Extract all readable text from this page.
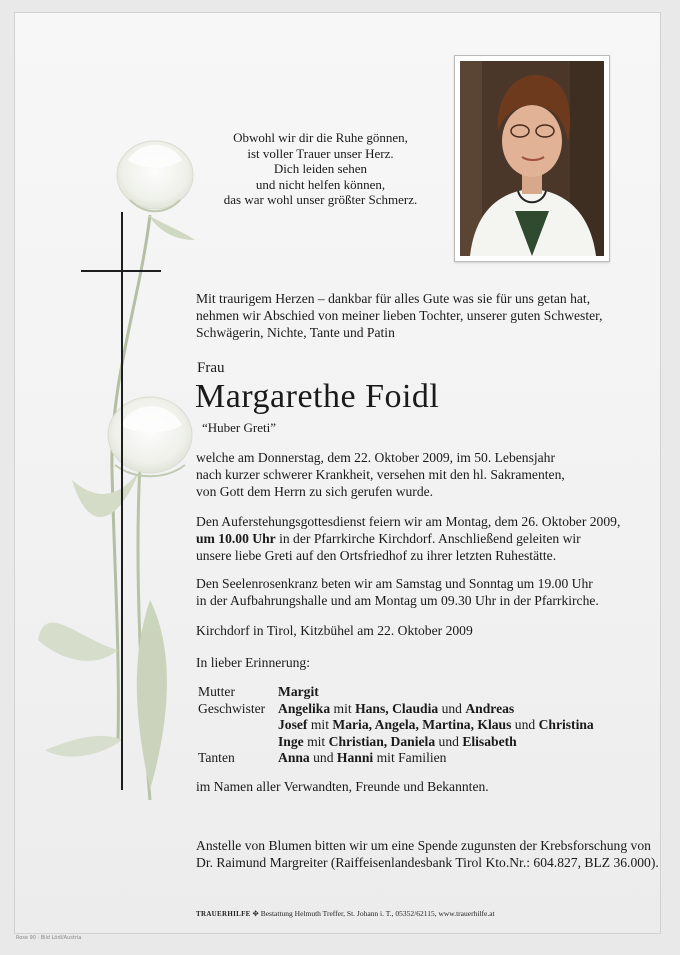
Obwohl wir dir die Ruhe gönnen,
ist voller Trauer unser Herz.
Dich leiden sehen
und nicht helfen können,
das war wohl unser größter Schmerz.
Mit traurigem Herzen – dankbar für alles Gute was sie für uns getan hat,
nehmen wir Abschied von meiner lieben Tochter, unserer guten Schwester,
Schwägerin, Nichte, Tante und Patin
Frau
Margarethe Foidl
“Huber Greti”
welche am Donnerstag, dem 22. Oktober 2009, im 50. Lebensjahr
nach kurzer schwerer Krankheit, versehen mit den hl. Sakramenten,
von Gott dem Herrn zu sich gerufen wurde.
Den Auferstehungsgottesdienst feiern wir am Montag, dem 26. Oktober 2009,
um 10.00 Uhr in der Pfarrkirche Kirchdorf. Anschließend geleiten wir
unsere liebe Greti auf den Ortsfriedhof zu ihrer letzten Ruhestätte.
Den Seelenrosenkranz beten wir am Samstag und Sonntag um 19.00 Uhr
in der Aufbahrungshalle und am Montag um 09.30 Uhr in der Pfarrkirche.
Kirchdorf in Tirol, Kitzbühel am 22. Oktober 2009
In lieber Erinnerung:
Mutter	Margit
Geschwister Angelika mit Hans, Claudia und Andreas
Josef mit Maria, Angela, Martina, Klaus und Christina
Inge mit Christian, Daniela und Elisabeth
Tanten	Anna und Hanni mit Familien
im Namen aller Verwandten, Freunde und Bekannten.
Anstelle von Blumen bitten wir um eine Spende zugunsten der Krebsforschung von
Dr. Raimund Margreiter (Raiffeisenlandesbank Tirol Kto.Nr.: 604.827, BLZ 36.000).
TRAUERHILFE ✥ Bestattung Helmuth Treffer, St. Johann i. T., 05352/62115, www.trauerhilfe.at
Rose 90 · Bild Lödl/Austria
